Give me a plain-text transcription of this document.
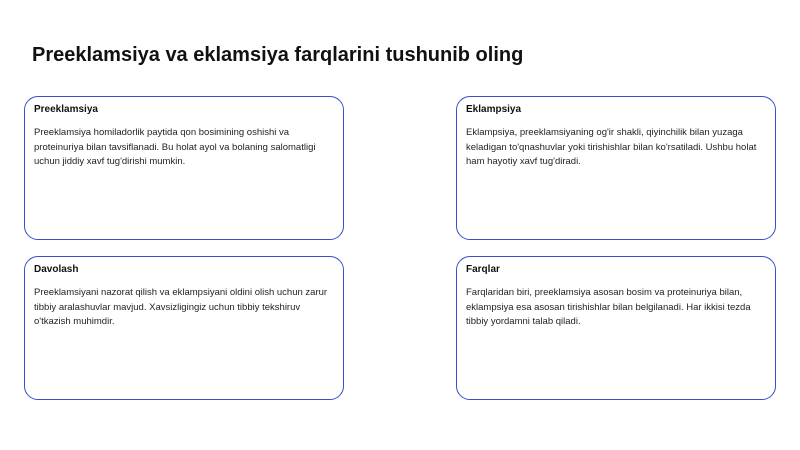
Preeklamsiya va eklamsiya farqlarini tushunib oling

Preeklamsiya

Preeklamsiya homiladorlik paytida qon bosimining oshishi va proteinuriya bilan tavsiflanadi. Bu holat ayol va bolaning salomatligi uchun jiddiy xavf tug'dirishi mumkin.

Eklampsiya

Eklampsiya, preeklamsiyaning og'ir shakli, qiyinchilik bilan yuzaga keladigan to'qnashuvlar yoki tirishishlar bilan ko'rsatiladi. Ushbu holat ham hayotiy xavf tug'diradi.

Davolash

Preeklamsiyani nazorat qilish va eklampsiyani oldini olish uchun zarur tibbiy aralashuvlar mavjud. Xavsizligingiz uchun tibbiy tekshiruv o'tkazish muhimdir.

Farqlar

Farqlaridan biri, preeklamsiya asosan bosim va proteinuriya bilan, eklampsiya esa asosan tirishishlar bilan belgilanadi. Har ikkisi tezda tibbiy yordamni talab qiladi.
